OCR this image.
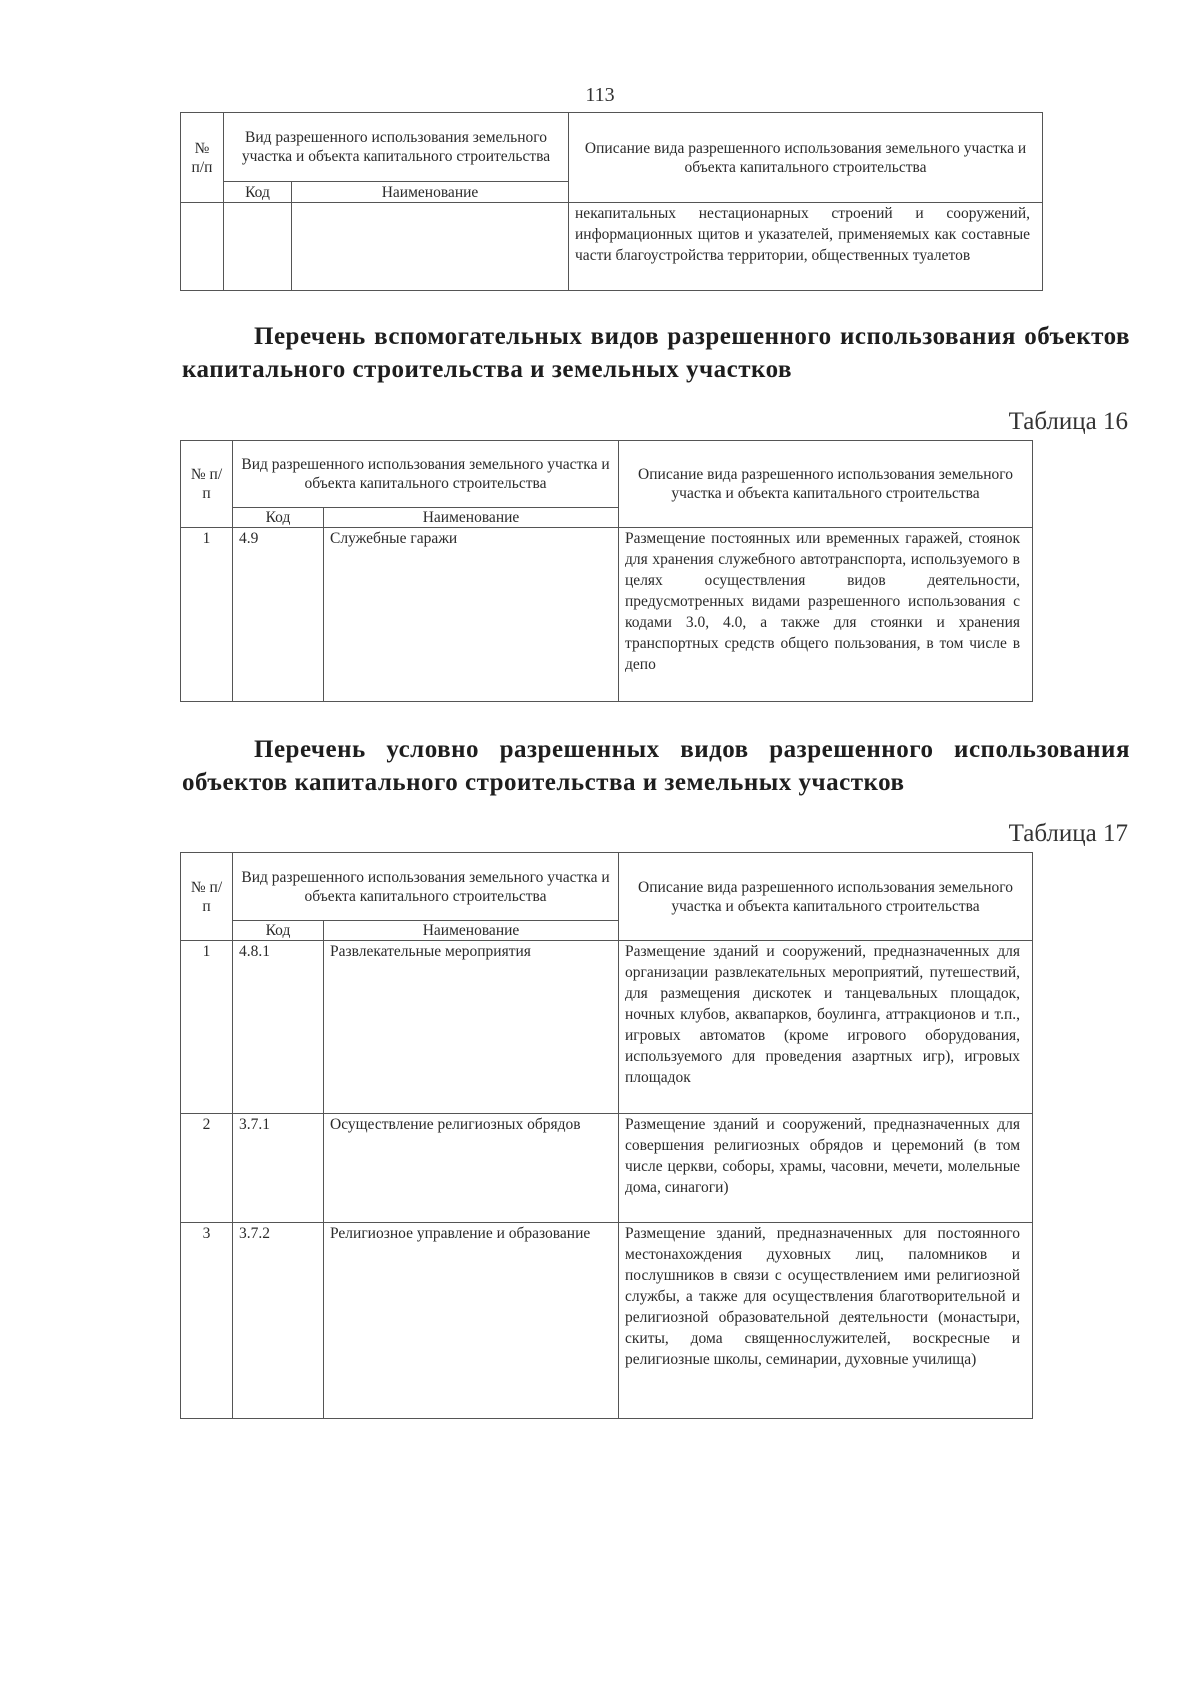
113
№ п/п	Вид разрешенного использования земельного участка и объекта капитального строительства		Описание вида разрешенного использования земельного участка и объекта капитального строительства
	Код	Наименование	
			некапитальных нестационарных строений и сооружений, информационных щитов и указателей, применяемых как составные части благоустройства территории, общественных туалетов
Перечень вспомогательных видов разрешенного использования объектов капитального строительства и земельных участков
Таблица 16
№ п/п	Вид разрешенного использования земельного участка и объекта капитального строительства		Описание вида разрешенного использования земельного участка и объекта капитального строительства
	Код	Наименование	
1	4.9	Служебные гаражи	Размещение постоянных или временных гаражей, стоянок для хранения служебного автотранспорта, используемого в целях осуществления видов деятельности, предусмотренных видами разрешенного использования с кодами 3.0, 4.0, а также для стоянки и хранения транспортных средств общего пользования, в том числе в депо
Перечень условно разрешенных видов разрешенного использования объектов капитального строительства и земельных участков
Таблица 17
№ п/п	Вид разрешенного использования земельного участка и объекта капитального строительства		Описание вида разрешенного использования земельного участка и объекта капитального строительства
	Код	Наименование	
1	4.8.1	Развлекательные мероприятия	Размещение зданий и сооружений, предназначенных для организации развлекательных мероприятий, путешествий, для размещения дискотек и танцевальных площадок, ночных клубов, аквапарков, боулинга, аттракционов и т.п., игровых автоматов (кроме игрового оборудования, используемого для проведения азартных игр), игровых площадок
2	3.7.1	Осуществление религиозных обрядов	Размещение зданий и сооружений, предназначенных для совершения религиозных обрядов и церемоний (в том числе церкви, соборы, храмы, часовни, мечети, молельные дома, синагоги)
3	3.7.2	Религиозное управление и образование	Размещение зданий, предназначенных для постоянного местонахождения духовных лиц, паломников и послушников в связи с осуществлением ими религиозной службы, а также для осуществления благотворительной и религиозной образовательной деятельности (монастыри, скиты, дома священнослужителей, воскресные и религиозные школы, семинарии, духовные училища)
